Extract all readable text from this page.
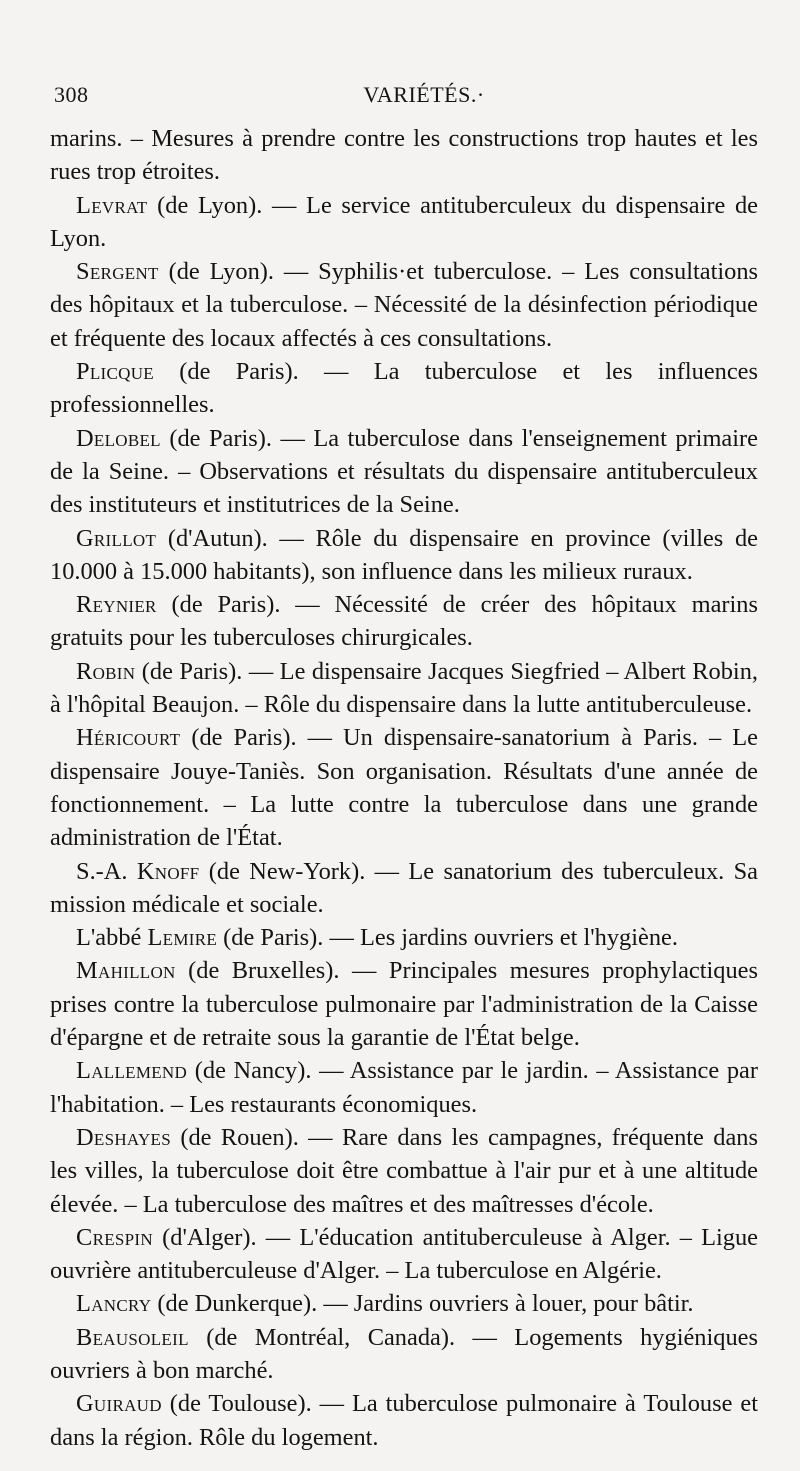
308	VARIÉTÉS.·

marins. – Mesures à prendre contre les constructions trop hautes et les rues trop étroites.

Levrat (de Lyon). — Le service antituberculeux du dispensaire de Lyon.

Sergent (de Lyon). — Syphilis·et tuberculose. – Les consultations des hôpitaux et la tuberculose. – Nécessité de la désinfection périodique et fréquente des locaux affectés à ces consultations.

Plicque (de Paris). — La tuberculose et les influences professionnelles.

Delobel (de Paris). — La tuberculose dans l'enseignement primaire de la Seine. – Observations et résultats du dispensaire antituberculeux des instituteurs et institutrices de la Seine.

Grillot (d'Autun). — Rôle du dispensaire en province (villes de 10.000 à 15.000 habitants), son influence dans les milieux ruraux.

Reynier (de Paris). — Nécessité de créer des hôpitaux marins gratuits pour les tuberculoses chirurgicales.

Robin (de Paris). — Le dispensaire Jacques Siegfried – Albert Robin, à l'hôpital Beaujon. – Rôle du dispensaire dans la lutte antituberculeuse.

Héricourt (de Paris). — Un dispensaire-sanatorium à Paris. – Le dispensaire Jouye-Taniès. Son organisation. Résultats d'une année de fonctionnement. – La lutte contre la tuberculose dans une grande administration de l'État.

S.-A. Knoff (de New-York). — Le sanatorium des tuberculeux. Sa mission médicale et sociale.

L'abbé Lemire (de Paris). — Les jardins ouvriers et l'hygiène.

Mahillon (de Bruxelles). — Principales mesures prophylactiques prises contre la tuberculose pulmonaire par l'administration de la Caisse d'épargne et de retraite sous la garantie de l'État belge.

Lallemend (de Nancy). — Assistance par le jardin. – Assistance par l'habitation. – Les restaurants économiques.

Deshayes (de Rouen). — Rare dans les campagnes, fréquente dans les villes, la tuberculose doit être combattue à l'air pur et à une altitude élevée. – La tuberculose des maîtres et des maîtresses d'école.

Crespin (d'Alger). — L'éducation antituberculeuse à Alger. – Ligue ouvrière antituberculeuse d'Alger. – La tuberculose en Algérie.

Lancry (de Dunkerque). — Jardins ouvriers à louer, pour bâtir.

Beausoleil (de Montréal, Canada). — Logements hygiéniques ouvriers à bon marché.

Guiraud (de Toulouse). — La tuberculose pulmonaire à Toulouse et dans la région. Rôle du logement.
